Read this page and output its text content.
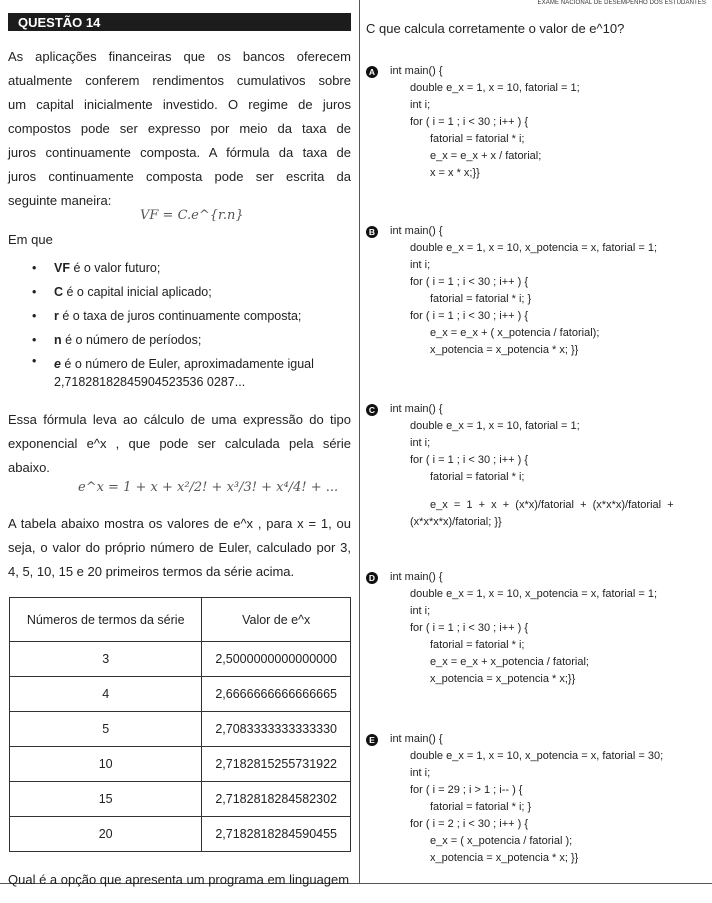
EXAME NACIONAL DE DESEMPENHO DOS ESTUDANTES
QUESTÃO 14

As aplicações financeiras que os bancos oferecem

atualmente conferem rendimentos cumulativos sobre

um capital inicialmente investido. O regime de juros

compostos pode ser expresso por meio da taxa de

juros continuamente composta. A fórmula da taxa de

juros continuamente composta pode ser escrita da

seguinte maneira:

VF = C.e^{r.n}
Em que
• VF é o valor futuro;
• C é o capital inicial aplicado;
• r é o taxa de juros continuamente composta;
• n é o número de períodos;
• e é o número de Euler, aproximadamente igual
2,71828182845904523536 0287...

Essa fórmula leva ao cálculo de uma expressão do tipo

exponencial e^x , que pode ser calculada pela série abaixo.

e^x = 1 + x + x²/2! + x³/3! + x⁴/4! + ...

A tabela abaixo mostra os valores de e^x , para x = 1, ou

seja, o valor do próprio número de Euler, calculado por 3,

4, 5, 10, 15 e 20 primeiros termos da série acima.

Números de termos da série	Valor de e^x
3	2,5000000000000000
4	2,6666666666666665
5	2,7083333333333330
10	2,7182815255731922
15	2,7182818284582302
20	2,7182818284590455
Qual é a opção que apresenta um programa em linguagem
C que calcula corretamente o valor de e^10?
A int main() {
double e_x = 1, x = 10, fatorial = 1;
int i;
for ( i = 1 ; i < 30 ; i++ ) {
fatorial = fatorial * i;
e_x = e_x + x / fatorial;
x = x * x;}}
B int main() {
double e_x = 1, x = 10, x_potencia = x, fatorial = 1;
int i;
for ( i = 1 ; i < 30 ; i++ ) {
fatorial = fatorial * i; }
for ( i = 1 ; i < 30 ; i++ ) {
e_x = e_x + ( x_potencia / fatorial);
x_potencia = x_potencia * x; }}
C int main() {
double e_x = 1, x = 10, fatorial = 1;
int i;
for ( i = 1 ; i < 30 ; i++ ) {
fatorial = fatorial * i;
e_x  =  1  +  x  +  (x*x)/fatorial  +  (x*x*x)/fatorial  +
(x*x*x*x)/fatorial; }}
D int main() {
double e_x = 1, x = 10, x_potencia = x, fatorial = 1;
int i;
for ( i = 1 ; i < 30 ; i++ ) {
fatorial = fatorial * i;
e_x = e_x + x_potencia / fatorial;
x_potencia = x_potencia * x;}}
E int main() {
double e_x = 1, x = 10, x_potencia = x, fatorial = 30;
int i;
for ( i = 29 ; i > 1 ; i-- ) {
fatorial = fatorial * i; }
for ( i = 2 ; i < 30 ; i++ ) {
e_x = ( x_potencia / fatorial );
x_potencia = x_potencia * x; }}
